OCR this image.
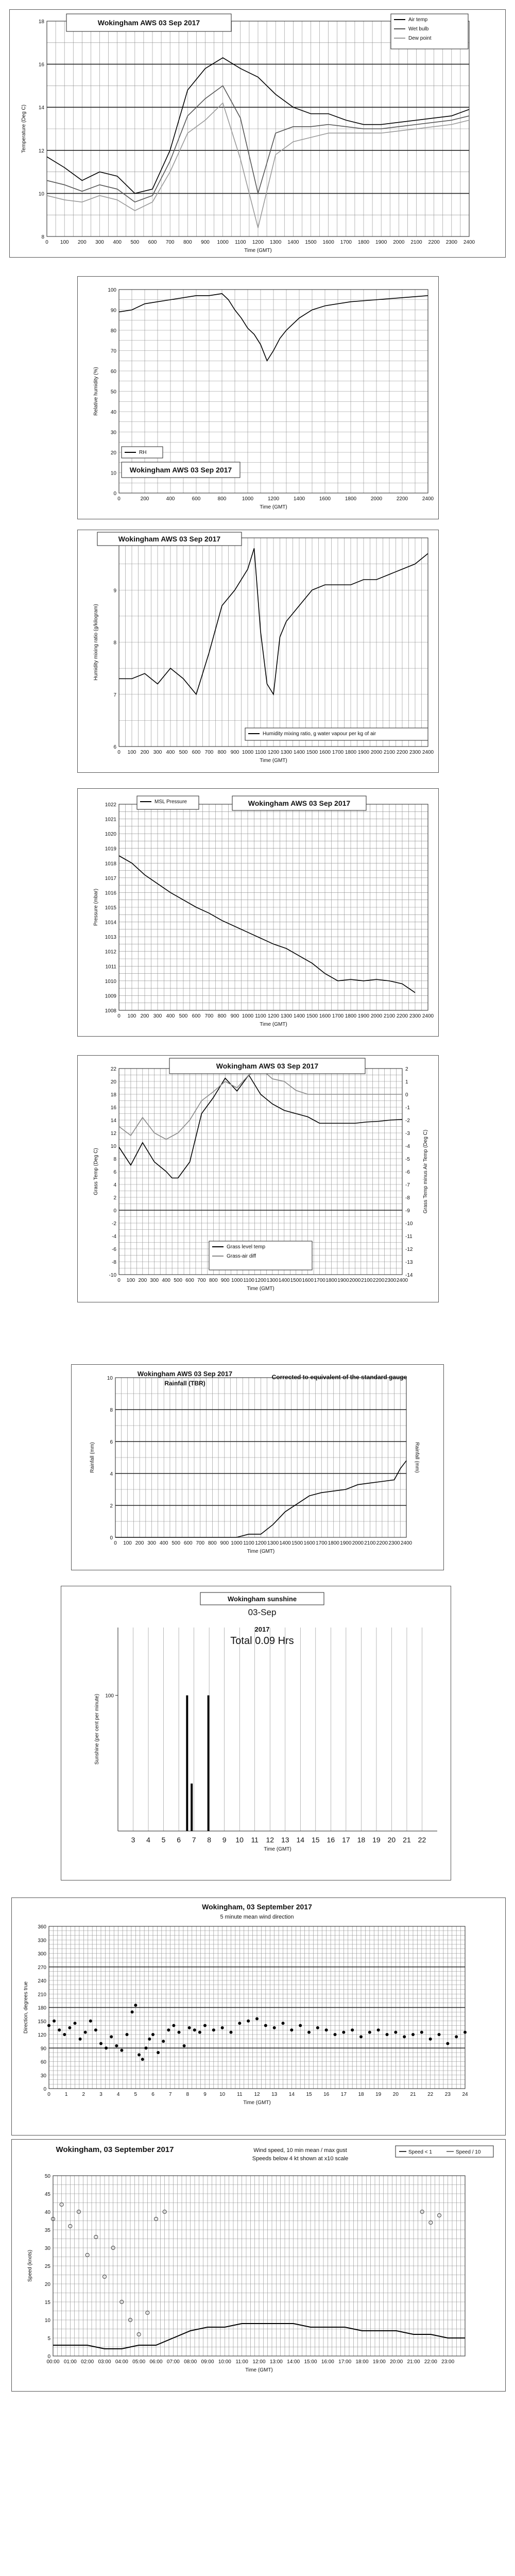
0 100 200 300 400 500 600 700 800 900 1000 1100 1200 1300 1400 1500 1600 1700 1800 1900 2000 2100 2200 2300 2400
8
10
12
14
16
18
Time (GMT)
Temperature (Deg C)
Wokingham AWS 03 Sep 2017	Air temp
Wet bulb
Dew point
0	200	400	600	800	1000	1200	1400	1600	1800	2000	2200	2400
0
10
20
30
40
50
60
70
80
90
100
Time (GMT)
Relative humidity (%)
Wokingham AWS 03 Sep 2017
RH
0 100 200 300 400 500 600 700 800 900 1000 1100 1200 1300 1400 1500 1600 1700 1800 1900 2000 2100 2200 2300 2400
6
7
8
9
Time (GMT)
Humidity mixing ratio (g/kilogram)
Wokingham AWS 03 Sep 2017
Humidity mixing ratio, g water vapour per kg of air
0 100 200 300 400 500 600 700 800 900 1000 1100 1200 1300 1400 1500 1600 1700 1800 1900 2000 2100 2200 2300 2400
1008
1009
1010
1011
1012
1013
1014
1015
1016
1017
1018
1019
1020
1021
1022
Time (GMT)
Pressure (mbar)
Wokingham AWS 03 Sep 2017
MSL Pressure
0 100 200 300 400 500 600 700 800 900 1000 1100 1200 1300 1400 1500 1600 1700 1800 1900 2000 2100 2200 2300 2400
-10
-8
-6
-4
-2
0
2
4
6
8
10
12
14
16
18
20
22
Time (GMT)
Grass Temp (Deg C)
-14
-13
-12
-11
-10
-9
-8
-7
-6
-5
-4
-3
-2
-1
0
1
2
Grass Temp minus Air Temp (Deg C)
Wokingham AWS 03 Sep 2017
Grass level temp
Grass-air diff
0 100 200 300 400 500 600 700 800 900 1000 1100 1200 1300 1400 1500 1600 1700 1800 1900 2000 2100 2200 2300 2400
0
2
4
6
8
10
Time (GMT)
Rainfall (mm)
Wokingham AWS 03 Sep 2017
Rainfall (TBR)
Corrected to equivalent of the standard gauge
Rainfall (mm)
3 4 5 6 7 8 9 10 11 12 13 14 15 16 17 18 19 20 21 22
100
Time (GMT)
Sunshine (per cent per minute)
Wokingham sunshine
03-Sep
2017
Total 0.09 Hrs
0	1	2	3	4	5	6	7	8	9	10 11 12 13 14 15 16 17 18 19 20 21 22 23 24
0
30
60
90
120
150
180
210
240
270
300
330
360
Time (GMT)
Direction, degrees true
Wokingham, 03 September 2017
5 minute mean wind direction
00:00 01:00 02:00 03:00 04:00 05:00 06:00 07:00 08:00 09:00 10:00 11:00 12:00 13:00 14:00 15:00 16:00 17:00 18:00 19:00 20:00 21:00 22:00 23:00
0
5
10
15
20
25
30
35
40
45
50
Time (GMT)
Speed (knots)
Wokingham, 03 September 2017	Wind speed, 10 min mean / max gust
Speeds below 4 kt shown at x10 scale
Speed < 1	Speed / 10
